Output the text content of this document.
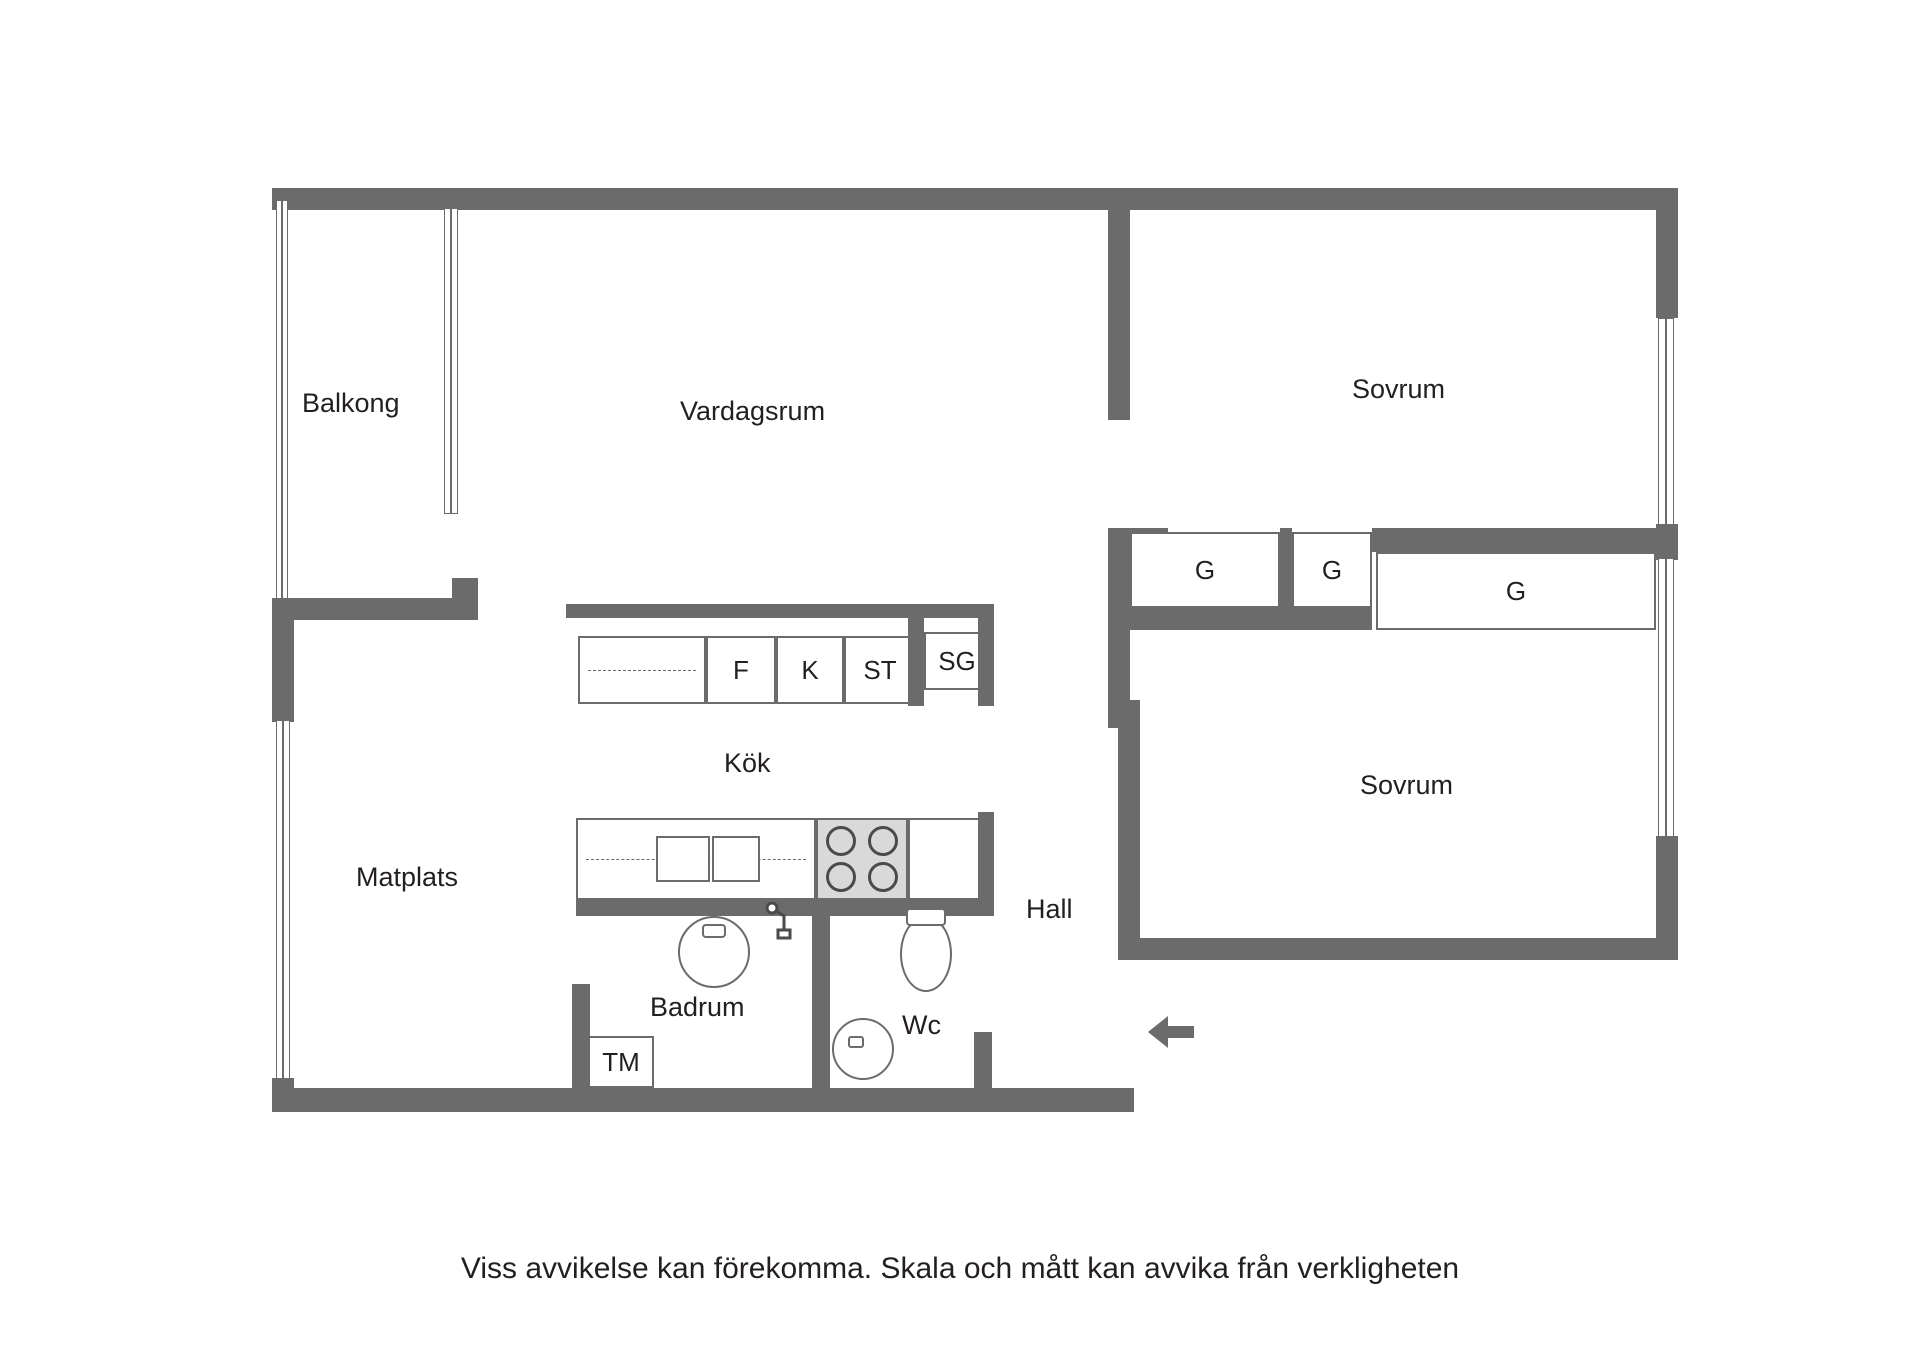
G	G
G
F	K	ST	SG
TM
Balkong	Vardagsrum
Sovrum
Sovrum
Kök
Matplats
Badrum
Wc
Hall
Viss avvikelse kan förekomma. Skala och mått kan avvika från verkligheten
